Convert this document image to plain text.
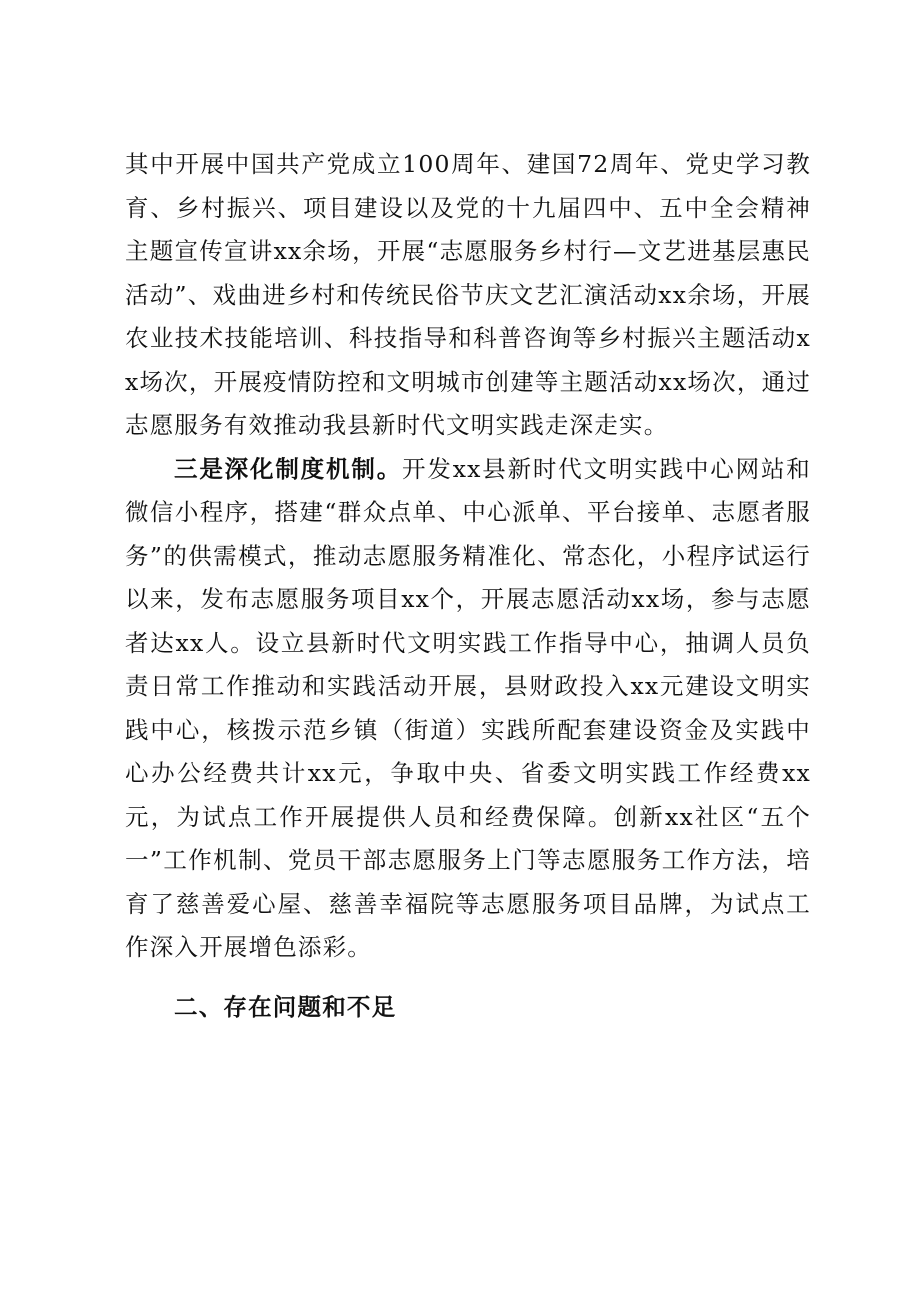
其中开展中国共产党成立100周年、建国72周年、党史学习教育、乡村振兴、项目建设以及党的十九届四中、五中全会精神主题宣传宣讲xx余场，开展“志愿服务乡村行—文艺进基层惠民活动”、戏曲进乡村和传统民俗节庆文艺汇演活动xx余场，开展农业技术技能培训、科技指导和科普咨询等乡村振兴主题活动xx场次，开展疫情防控和文明城市创建等主题活动xx场次，通过志愿服务有效推动我县新时代文明实践走深走实。

三是深化制度机制。开发xx县新时代文明实践中心网站和微信小程序，搭建“群众点单、中心派单、平台接单、志愿者服务”的供需模式，推动志愿服务精准化、常态化，小程序试运行以来，发布志愿服务项目xx个，开展志愿活动xx场，参与志愿者达xx人。设立县新时代文明实践工作指导中心，抽调人员负责日常工作推动和实践活动开展，县财政投入xx元建设文明实践中心，核拨示范乡镇（街道）实践所配套建设资金及实践中心办公经费共计xx元，争取中央、省委文明实践工作经费xx元，为试点工作开展提供人员和经费保障。创新xx社区“五个一”工作机制、党员干部志愿服务上门等志愿服务工作方法，培育了慈善爱心屋、慈善幸福院等志愿服务项目品牌，为试点工作深入开展增色添彩。

二、存在问题和不足
